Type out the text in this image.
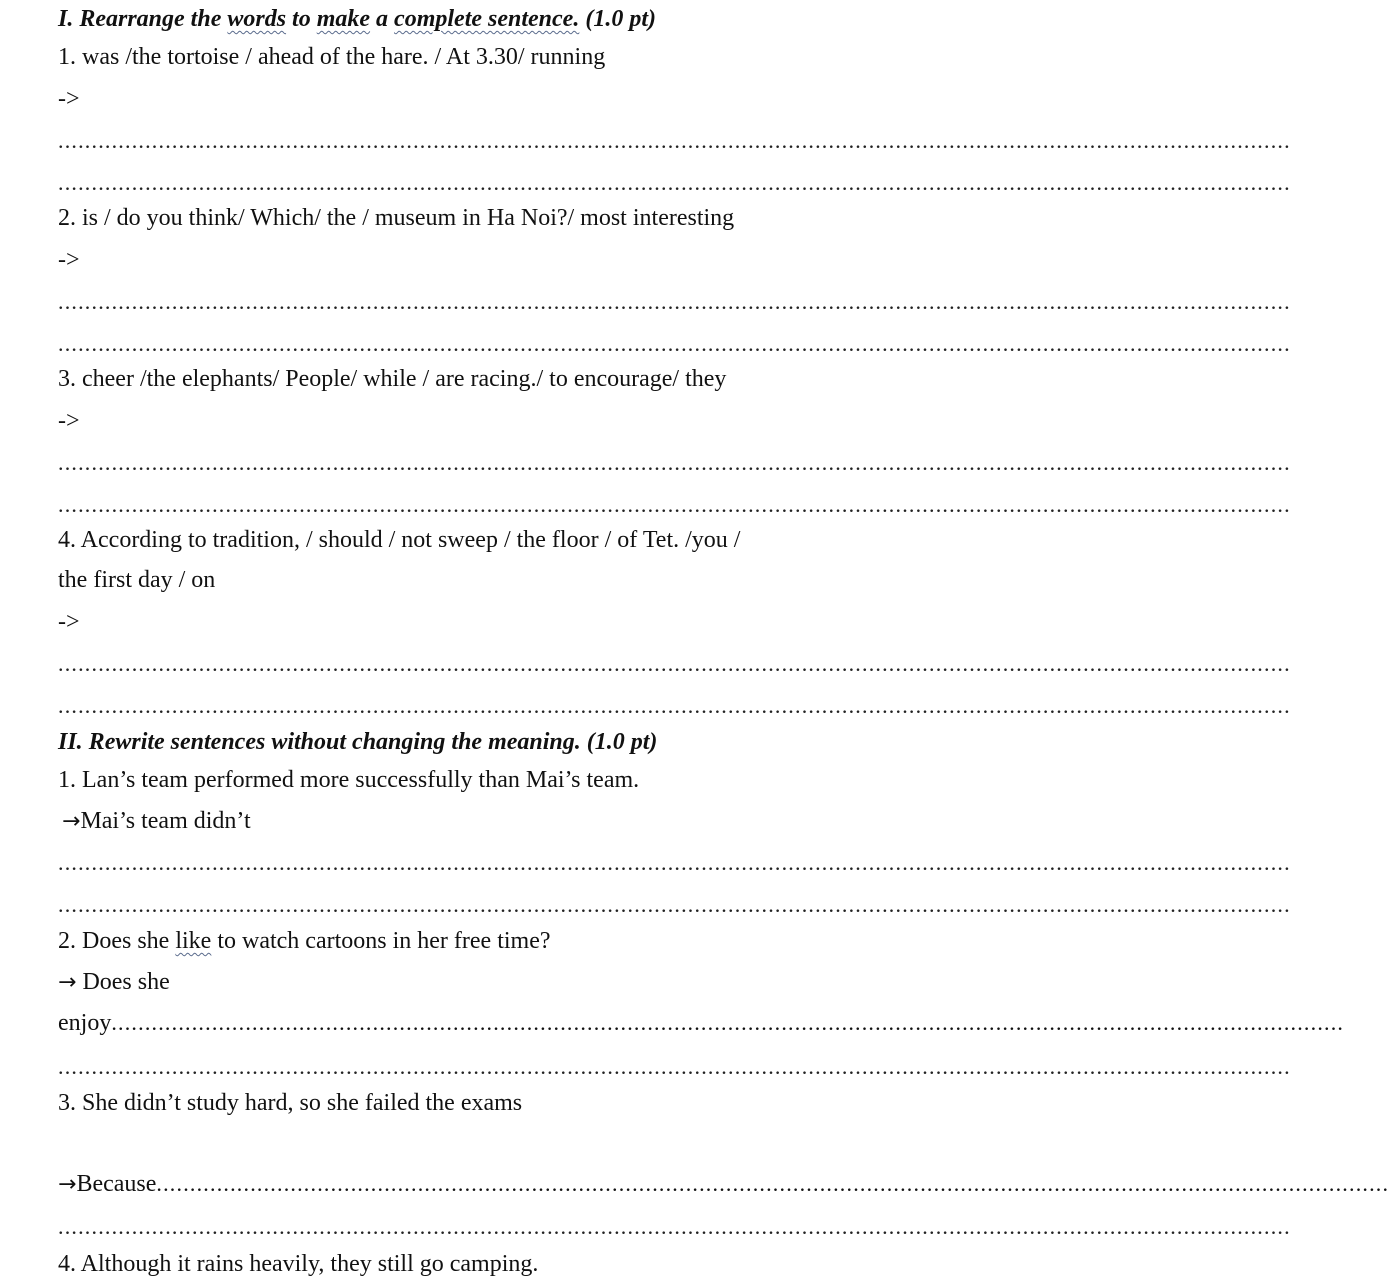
I. Rearrange the words to make a complete sentence. (1.0 pt)
1. was /the tortoise / ahead of the hare. / At 3.30/ running
->
........................................................................................................................................................................................
........................................................................................................................................................................................
2. is / do you think/ Which/ the / museum in Ha Noi?/ most interesting
->
........................................................................................................................................................................................
........................................................................................................................................................................................
3. cheer /the elephants/ People/ while / are racing./ to encourage/ they
->
........................................................................................................................................................................................
........................................................................................................................................................................................
4. According to tradition, / should / not sweep / the floor / of Tet. /you /
the first day / on
->
........................................................................................................................................................................................
........................................................................................................................................................................................
II. Rewrite sentences without changing the meaning. (1.0 pt)
1. Lan’s team performed more successfully than Mai’s team.
→Mai’s team didn’t
........................................................................................................................................................................................
........................................................................................................................................................................................
2. Does she like to watch cartoons in her free time?
→ Does she
enjoy........................................................................................................................................................................................
........................................................................................................................................................................................
3. She didn’t study hard, so she failed the exams
→Because........................................................................................................................................................................................
........................................................................................................................................................................................
4. Although it rains heavily, they still go camping.
